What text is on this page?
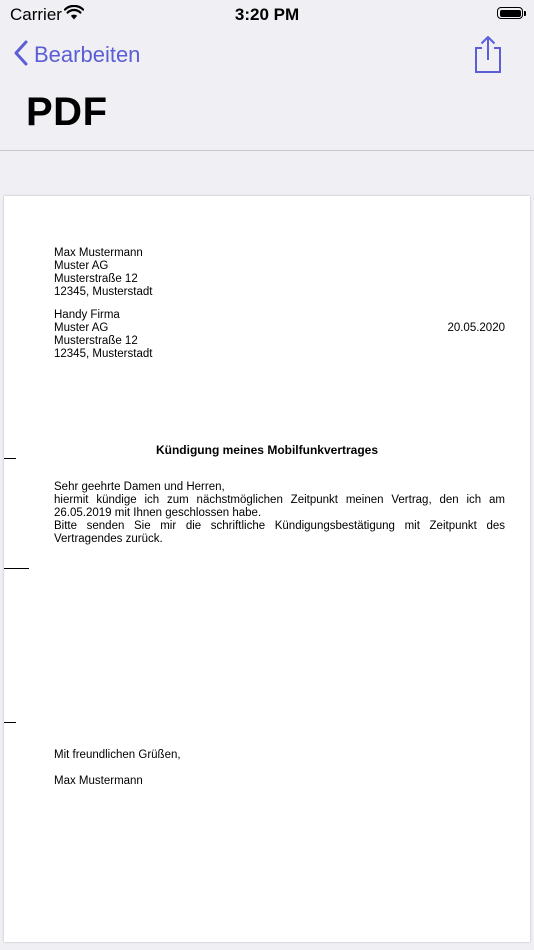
Carrier	3:20 PM
Bearbeiten
PDF
Max Mustermann
Muster AG
Musterstraße 12
12345, Musterstadt
Handy Firma
Muster AG
Musterstraße 12
12345, Musterstadt
20.05.2020
Kündigung meines Mobilfunkvertrages
Sehr geehrte Damen und Herren,
hiermit kündige ich zum nächstmöglichen Zeitpunkt meinen Vertrag, den ich am
26.05.2019 mit Ihnen geschlossen habe.
Bitte senden Sie mir die schriftliche Kündigungsbestätigung mit Zeitpunkt des
Vertragendes zurück.
Mit freundlichen Grüßen,
Max Mustermann
